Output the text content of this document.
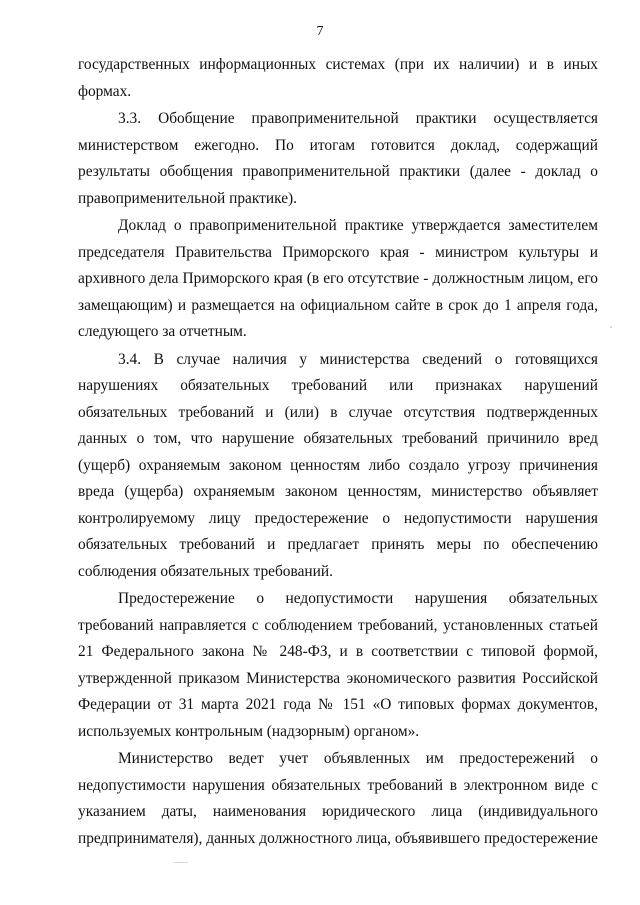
7

государственных информационных системах (при их наличии) и в иных формах.

3.3. Обобщение правоприменительной практики осуществляется министерством ежегодно. По итогам готовится доклад, содержащий результаты обобщения правоприменительной практики (далее - доклад о правоприменительной практике).

Доклад о правоприменительной практике утверждается заместителем председателя Правительства Приморского края - министром культуры и архивного дела Приморского края (в его отсутствие - должностным лицом, его замещающим) и размещается на официальном сайте в срок до 1 апреля года, следующего за отчетным.

3.4. В случае наличия у министерства сведений о готовящихся нарушениях обязательных требований или признаках нарушений обязательных требований и (или) в случае отсутствия подтвержденных данных о том, что нарушение обязательных требований причинило вред (ущерб) охраняемым законом ценностям либо создало угрозу причинения вреда (ущерба) охраняемым законом ценностям, министерство объявляет контролируемому лицу предостережение о недопустимости нарушения обязательных требований и предлагает принять меры по обеспечению соблюдения обязательных требований.

Предостережение о недопустимости нарушения обязательных требований направляется с соблюдением требований, установленных статьей 21 Федерального закона № 248-ФЗ, и в соответствии с типовой формой, утвержденной приказом Министерства экономического развития Российской Федерации от 31 марта 2021 года № 151 «О типовых формах документов, используемых контрольным (надзорным) органом».

Министерство ведет учет объявленных им предостережений о недопустимости нарушения обязательных требований в электронном виде с указанием даты, наименования юридического лица (индивидуального предпринимателя), данных должностного лица, объявившего предостережение
